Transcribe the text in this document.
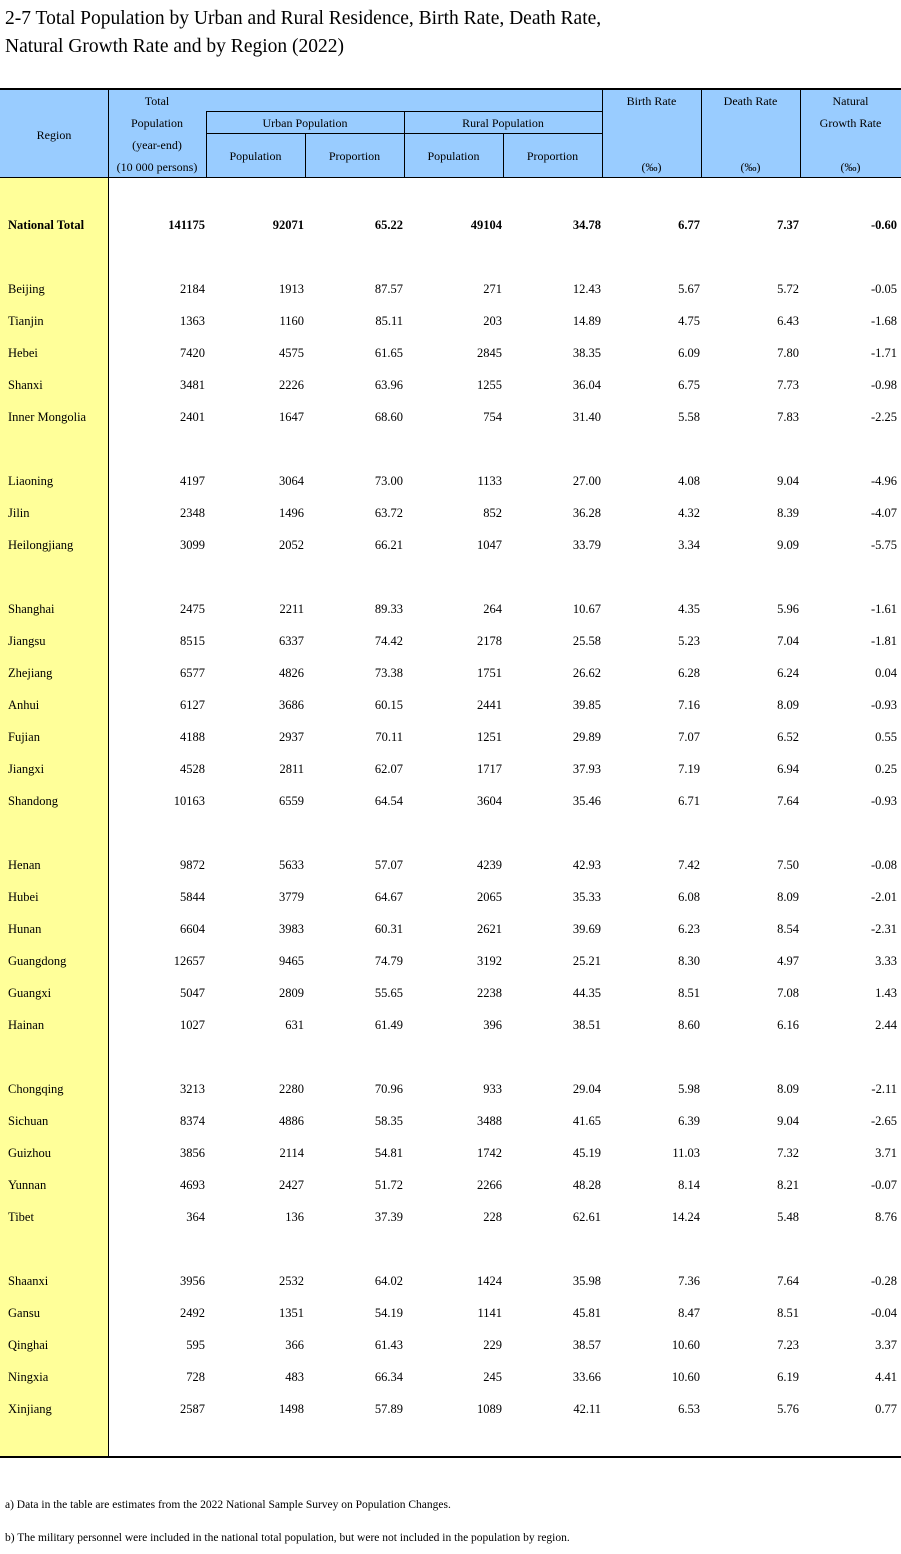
2-7 Total Population by Urban and Rural Residence, Birth Rate, Death Rate,
Natural Growth Rate and by Region (2022)
Region
Total
Population
(year-end)
(10 000 persons)
Urban Population	Rural Population
Population	Proportion	Population	Proportion
Birth Rate	Death Rate	Natural
Growth Rate
(‰)	(‰)	(‰)
National Total	141175	92071	65.22	49104	34.78	6.77	7.37	-0.60
Beijing	2184	1913	87.57	271	12.43	5.67	5.72	-0.05
Tianjin	1363	1160	85.11	203	14.89	4.75	6.43	-1.68
Hebei	7420	4575	61.65	2845	38.35	6.09	7.80	-1.71
Shanxi	3481	2226	63.96	1255	36.04	6.75	7.73	-0.98
Inner Mongolia	2401	1647	68.60	754	31.40	5.58	7.83	-2.25
Liaoning	4197	3064	73.00	1133	27.00	4.08	9.04	-4.96
Jilin	2348	1496	63.72	852	36.28	4.32	8.39	-4.07
Heilongjiang	3099	2052	66.21	1047	33.79	3.34	9.09	-5.75
Shanghai	2475	2211	89.33	264	10.67	4.35	5.96	-1.61
Jiangsu	8515	6337	74.42	2178	25.58	5.23	7.04	-1.81
Zhejiang	6577	4826	73.38	1751	26.62	6.28	6.24	0.04
Anhui	6127	3686	60.15	2441	39.85	7.16	8.09	-0.93
Fujian	4188	2937	70.11	1251	29.89	7.07	6.52	0.55
Jiangxi	4528	2811	62.07	1717	37.93	7.19	6.94	0.25
Shandong	10163	6559	64.54	3604	35.46	6.71	7.64	-0.93
Henan	9872	5633	57.07	4239	42.93	7.42	7.50	-0.08
Hubei	5844	3779	64.67	2065	35.33	6.08	8.09	-2.01
Hunan	6604	3983	60.31	2621	39.69	6.23	8.54	-2.31
Guangdong	12657	9465	74.79	3192	25.21	8.30	4.97	3.33
Guangxi	5047	2809	55.65	2238	44.35	8.51	7.08	1.43
Hainan	1027	631	61.49	396	38.51	8.60	6.16	2.44
Chongqing	3213	2280	70.96	933	29.04	5.98	8.09	-2.11
Sichuan	8374	4886	58.35	3488	41.65	6.39	9.04	-2.65
Guizhou	3856	2114	54.81	1742	45.19	11.03	7.32	3.71
Yunnan	4693	2427	51.72	2266	48.28	8.14	8.21	-0.07
Tibet	364	136	37.39	228	62.61	14.24	5.48	8.76
Shaanxi	3956	2532	64.02	1424	35.98	7.36	7.64	-0.28
Gansu	2492	1351	54.19	1141	45.81	8.47	8.51	-0.04
Qinghai	595	366	61.43	229	38.57	10.60	7.23	3.37
Ningxia	728	483	66.34	245	33.66	10.60	6.19	4.41
Xinjiang	2587	1498	57.89	1089	42.11	6.53	5.76	0.77
a) Data in the table are estimates from the 2022 National Sample Survey on Population Changes.
b) The military personnel were included in the national total population, but were not included in the population by region.
